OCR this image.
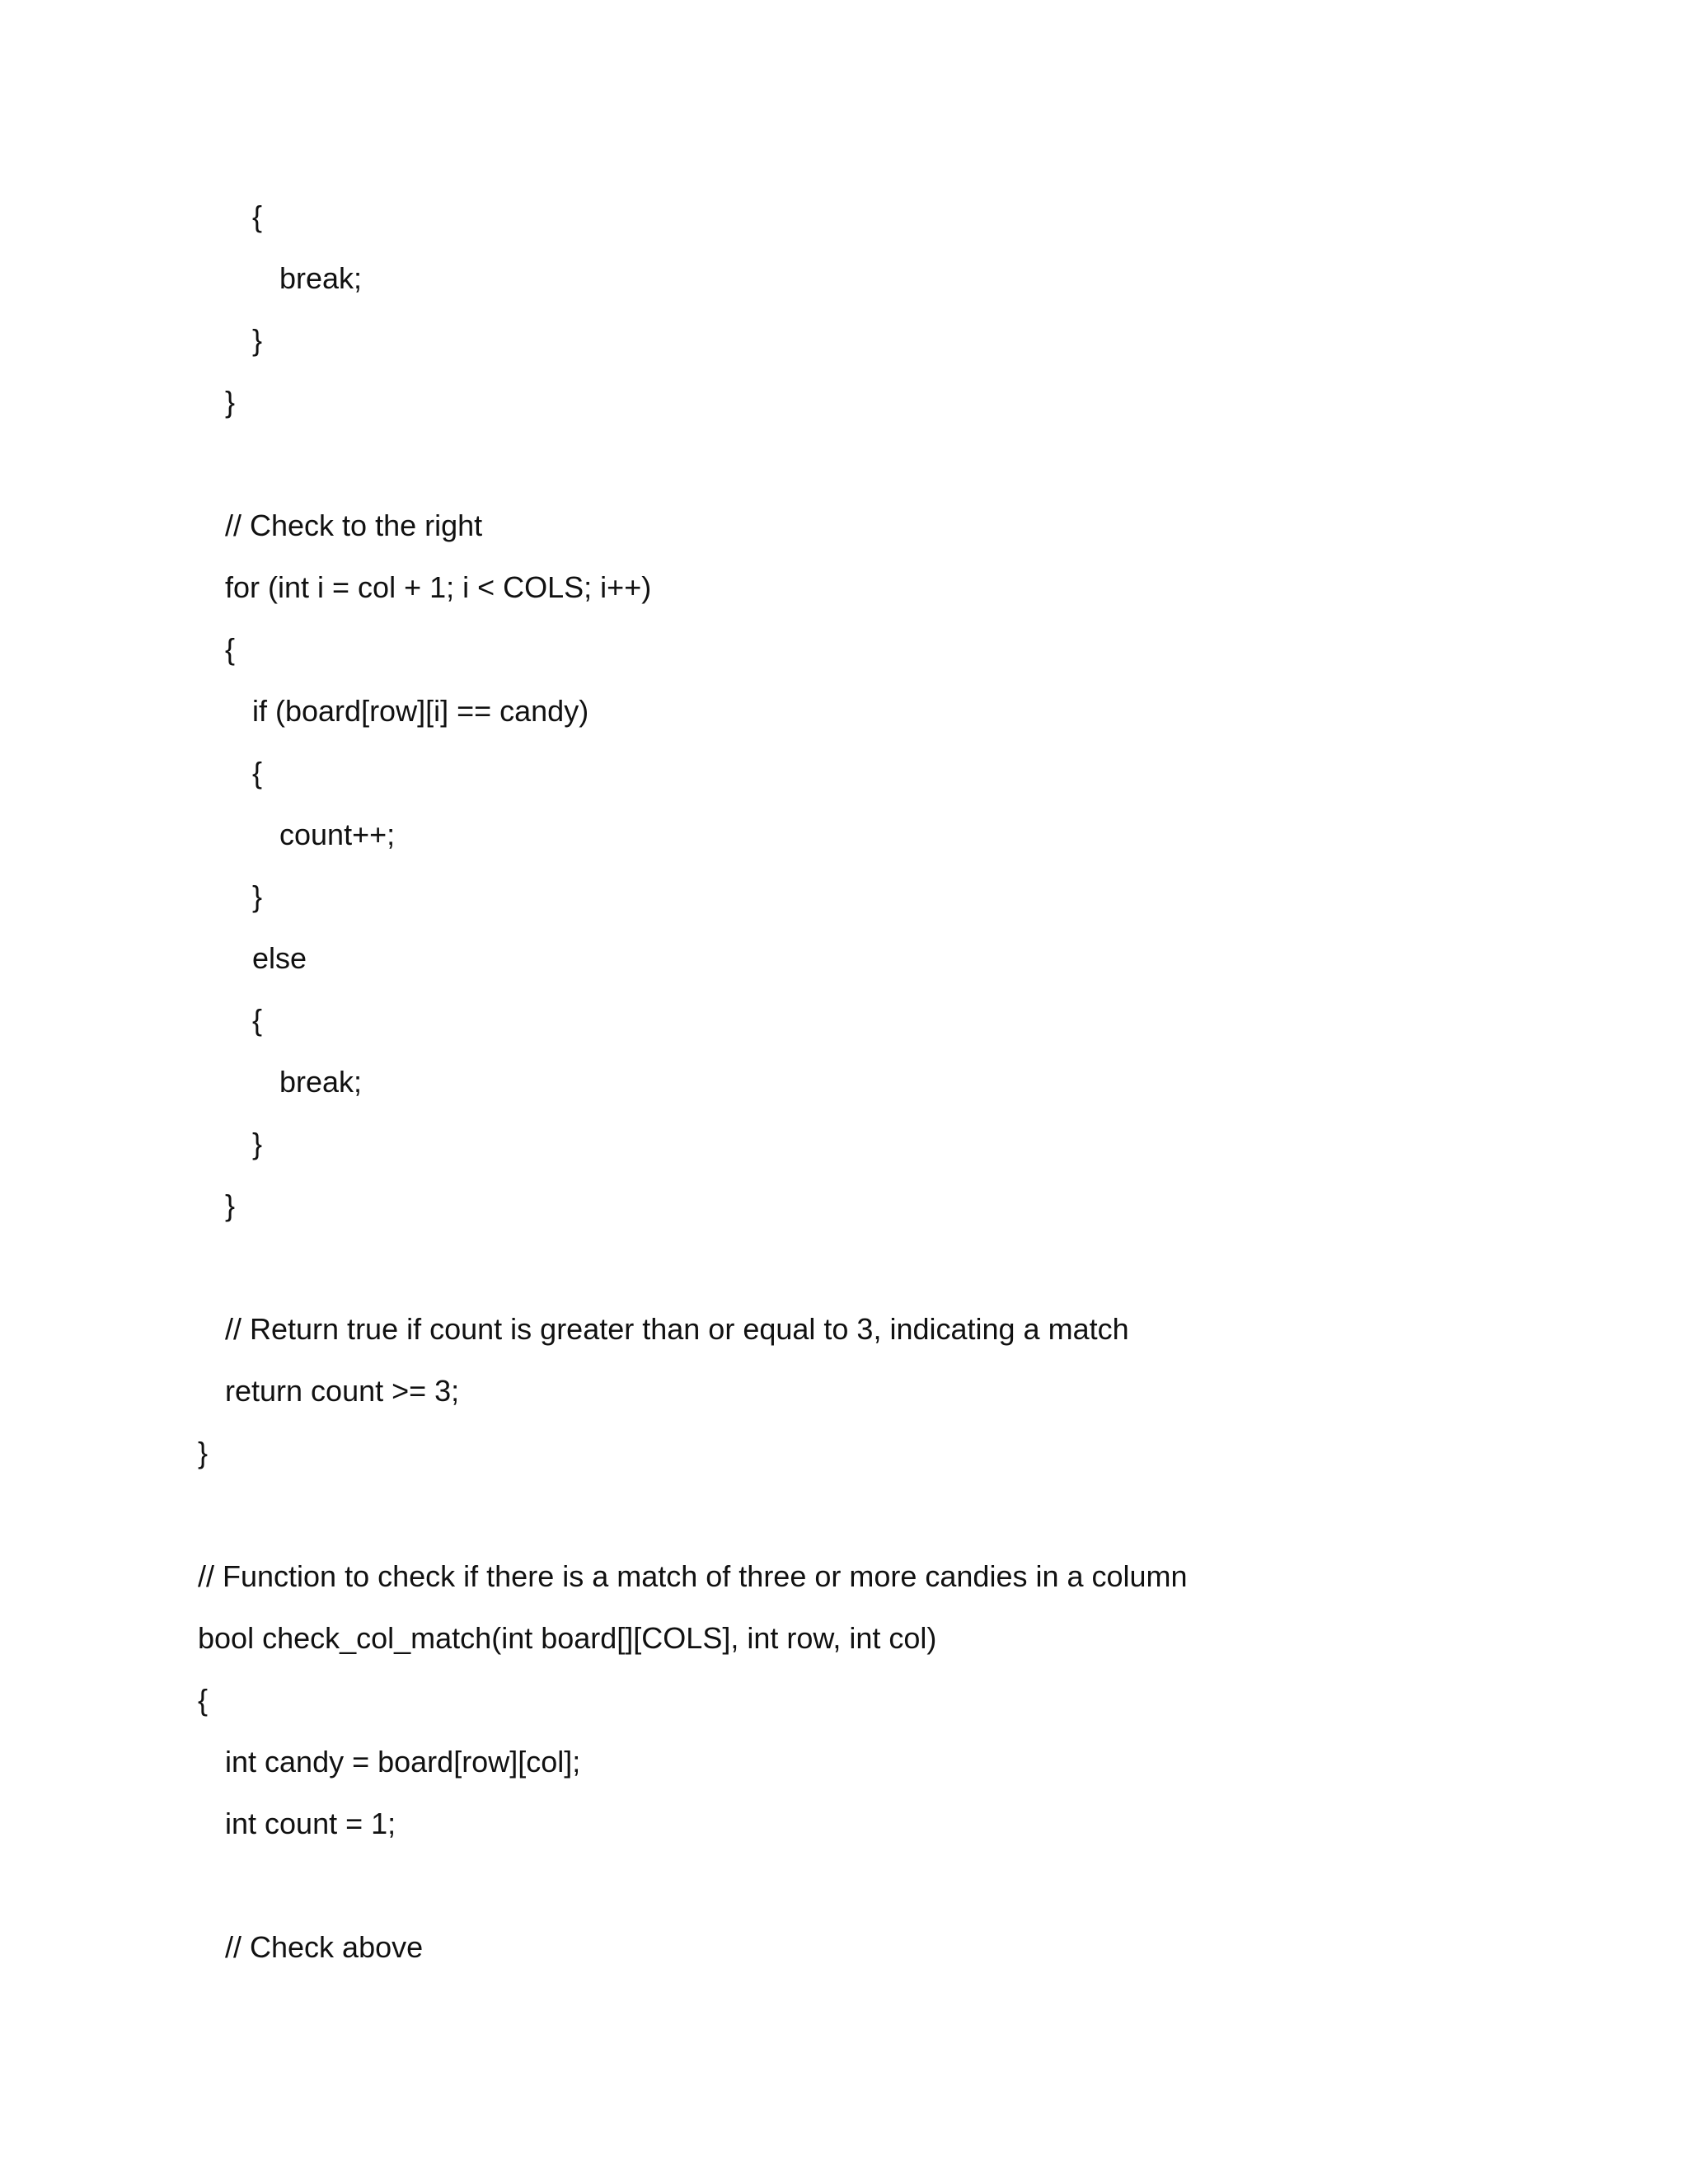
{

break;

}

}

// Check to the right

for (int i = col + 1; i < COLS; i++)

{

if (board[row][i] == candy)

{

count++;

}

else

{

break;

}

}

// Return true if count is greater than or equal to 3, indicating a match

return count >= 3;

}

// Function to check if there is a match of three or more candies in a column

bool check_col_match(int board[][COLS], int row, int col)

{

int candy = board[row][col];

int count = 1;

// Check above
